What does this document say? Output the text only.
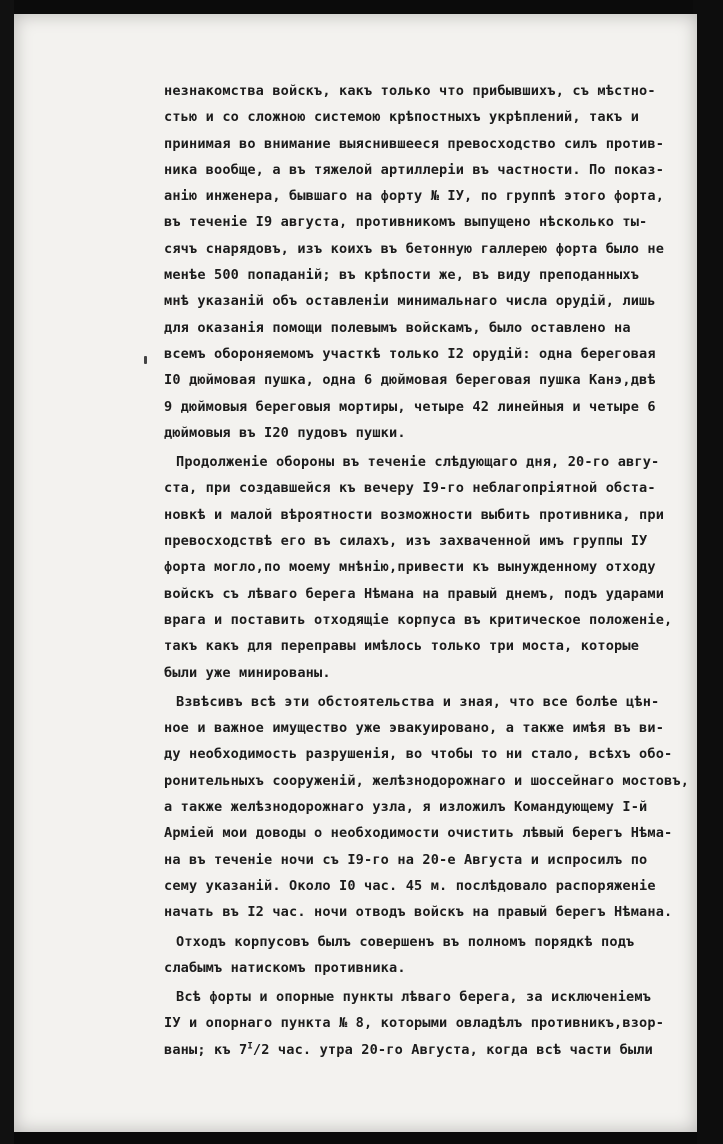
незнакомства войскъ, какъ только что прибывшихъ, съ мѣстно-
стью и со сложною системою крѣпостныхъ укрѣплений, такъ и
принимая во внимание выяснившееся превосходство силъ против-
ника вообще, а въ тяжелой артиллерiи въ частности. По показ-
анiю инженера, бывшаго на форту № IУ, по группѣ этого форта,
въ теченiе I9 августа, противникомъ выпущено нѣсколько ты-
сячъ снарядовъ, изъ коихъ въ бетонную галлерею форта было не
менѣе 500 попаданiй; въ крѣпости же, въ виду преподанныхъ
мнѣ указанiй объ оставленiи минимальнаго числа орудiй, лишь
для оказанiя помощи полевымъ войскамъ, было оставлено на
всемъ обороняемомъ участкѣ только I2 орудiй: одна береговая
I0 дюймовая пушка, одна 6 дюймовая береговая пушка Канэ,двѣ
9 дюймовыя береговыя мортиры, четыре 42 линейныя и четыре 6
дюймовыя въ I20 пудовъ пушки.
Продолженiе обороны въ теченiе слѣдующаго дня, 20-го авгу-
ста, при создавшейся къ вечеру I9-го неблагопрiятной обста-
новкѣ и малой вѣроятности возможности выбить противника, при
превосходствѣ его въ силахъ, изъ захваченной имъ группы IУ
форта могло,по моему мнѣнiю,привести къ вынужденному отходу
войскъ съ лѣваго берега Нѣмана на правый днемъ, подъ ударами
врага и поставить отходящiе корпуса въ критическое положенiе,
такъ какъ для переправы имѣлось только три моста, которые
были уже минированы.
Взвѣсивъ всѣ эти обстоятельства и зная, что все болѣе цѣн-
ное и важное имущество уже эвакуировано, а также имѣя въ ви-
ду необходимость разрушенiя, во чтобы то ни стало, всѣхъ обо-
ронительныхъ сооруженiй, желѣзнодорожнаго и шоссейнаго мостовъ,
а также желѣзнодорожнаго узла, я изложилъ Командующему I-й
Армiей мои доводы о необходимости очистить лѣвый берегъ Нѣма-
на въ теченiе ночи съ I9-го на 20-е Августа и испросилъ по
сему указанiй. Около I0 час. 45 м. послѣдовало распоряженiе
начать въ I2 час. ночи отводъ войскъ на правый берегъ Нѣмана.
Отходъ корпусовъ былъ совершенъ въ полномъ порядкѣ подъ
слабымъ натискомъ противника.
Всѣ форты и опорные пункты лѣваго берега, за исключенiемъ
IУ и опорнаго пункта № 8, которыми овладѣлъ противникъ,взор-
ваны; къ $7^I/2$ час. утра 20-го Августа, когда всѣ части были
